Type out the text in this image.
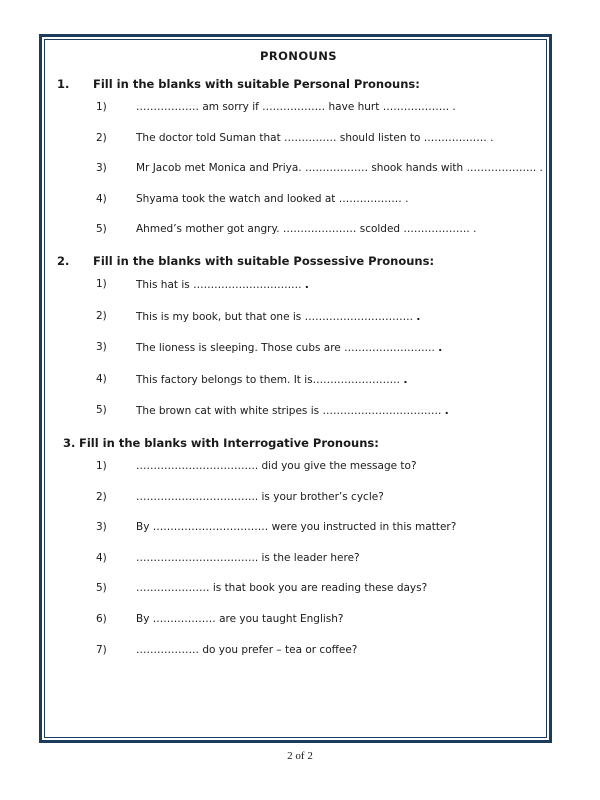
PRONOUNS
1.	Fill in the blanks with suitable Personal Pronouns:
1)	……………… am sorry if ……………… have hurt ………………. .
2)	The doctor told Suman that …………… should listen to ……………… .
3)	Mr Jacob met Monica and Priya. ……………… shook hands with ……………….. .
4)	Shyama took the watch and looked at ……………… .
5)	Ahmed’s mother got angry. ………………… scolded ………………. .
2.	Fill in the blanks with suitable Possessive Pronouns:
1)	This hat is …………………………. .
2)	This is my book, but that one is …………………………. .
3)	The lioness is sleeping. Those cubs are …………………….. .
4)	This factory belongs to them. It is……………………. .
5)	The brown cat with white stripes is ……………………………. .
3. Fill in the blanks with Interrogative Pronouns:
1)	…………………………….. did you give the message to?
2)	…………………………….. is your brother’s cycle?
3)	By …………………………… were you instructed in this matter?
4)	…………………………….. is the leader here?
5)	………………… is that book you are reading these days?
6)	By ……………… are you taught English?
7)	……………… do you prefer – tea or coffee?
2 of 2
